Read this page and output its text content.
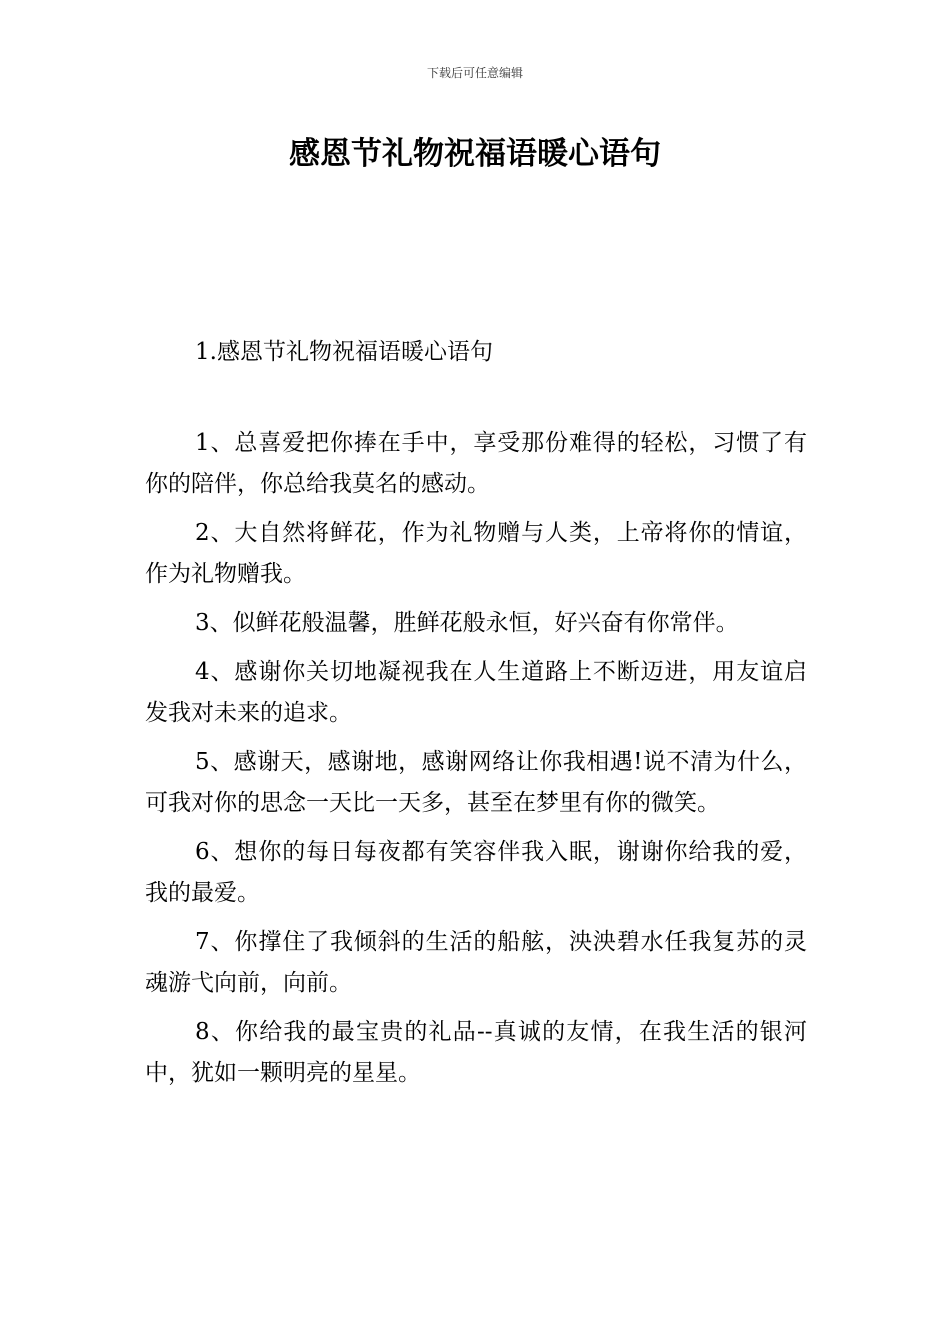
下载后可任意编辑
感恩节礼物祝福语暖心语句

1.感恩节礼物祝福语暖心语句

1、总喜爱把你捧在手中，享受那份难得的轻松，习惯了有你的陪伴，你总给我莫名的感动。

2、大自然将鲜花，作为礼物赠与人类，上帝将你的情谊，作为礼物赠我。

3、似鲜花般温馨，胜鲜花般永恒，好兴奋有你常伴。

4、感谢你关切地凝视我在人生道路上不断迈进，用友谊启发我对未来的追求。

5、感谢天，感谢地，感谢网络让你我相遇!说不清为什么，可我对你的思念一天比一天多，甚至在梦里有你的微笑。

6、想你的每日每夜都有笑容伴我入眠，谢谢你给我的爱，我的最爱。

7、你撑住了我倾斜的生活的船舷，泱泱碧水任我复苏的灵魂游弋向前，向前。

8、你给我的最宝贵的礼品--真诚的友情，在我生活的银河中，犹如一颗明亮的星星。
